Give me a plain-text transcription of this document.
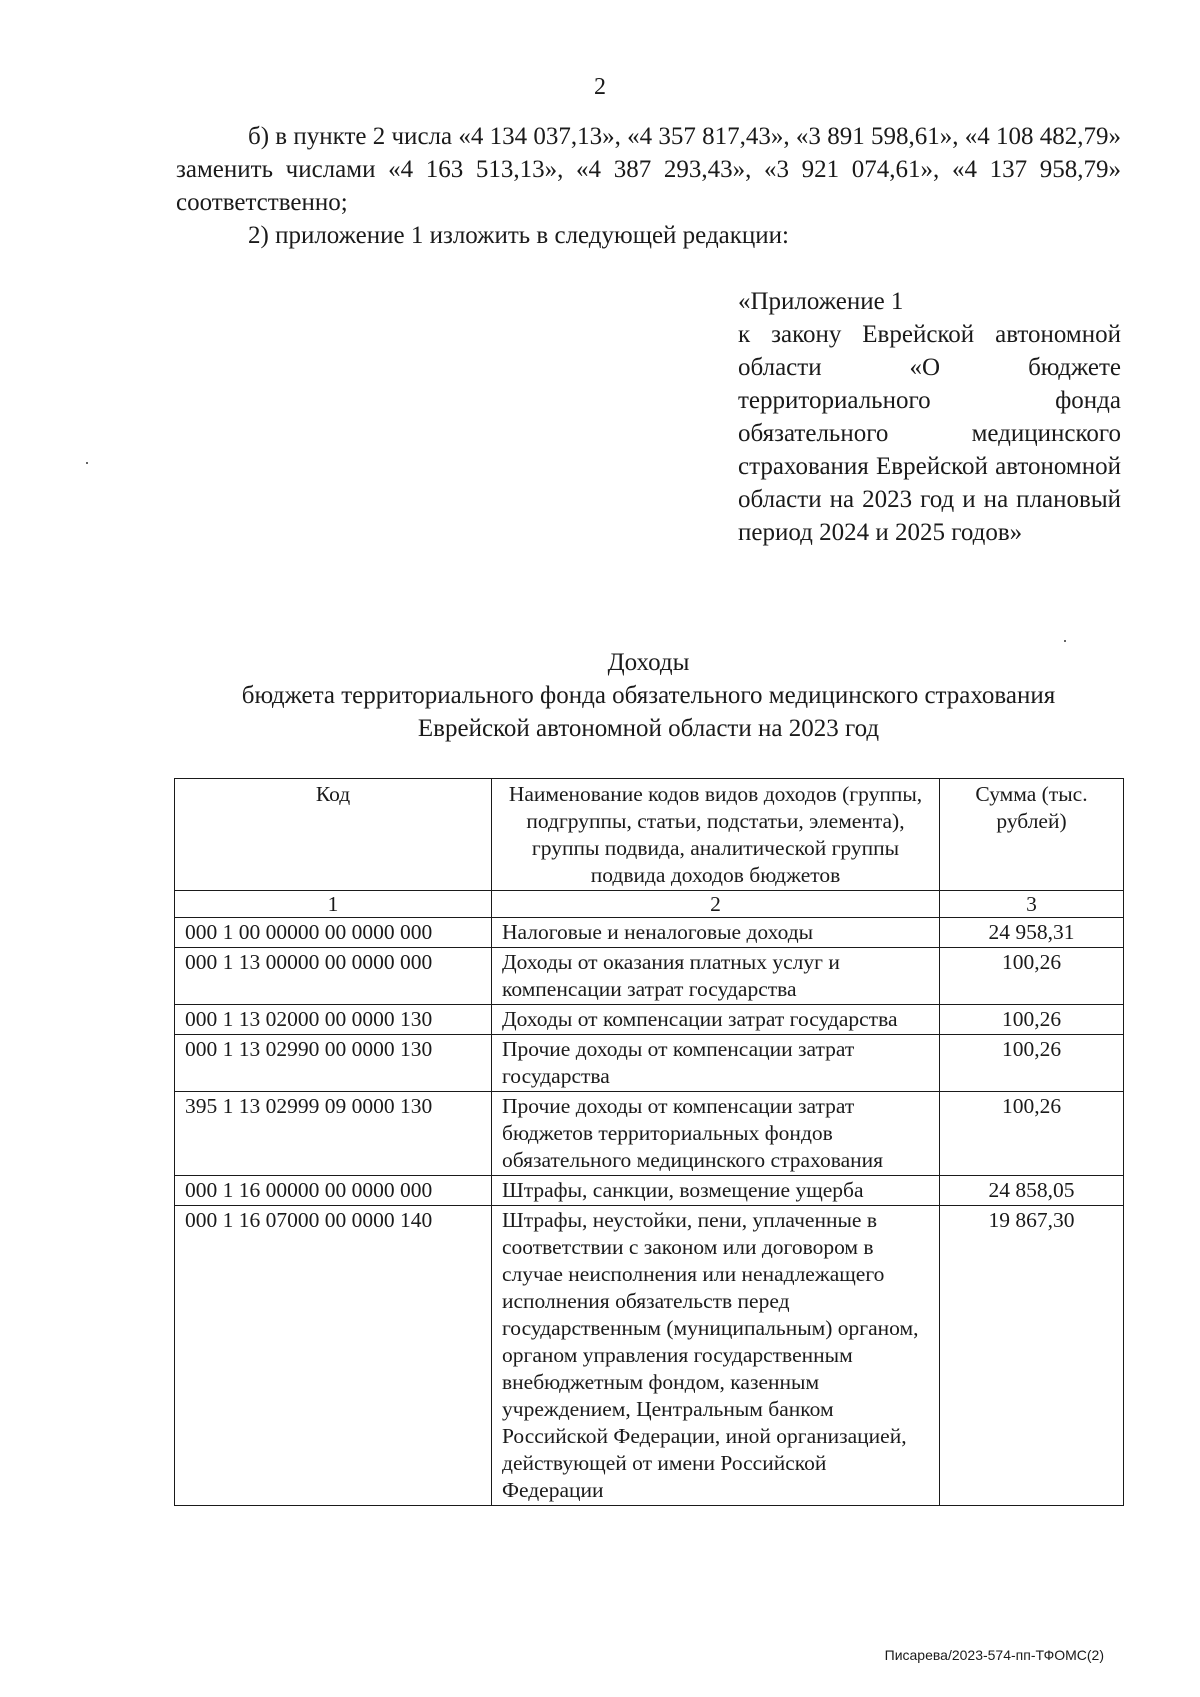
2

б) в пункте 2 числа «4 134 037,13», «4 357 817,43», «3 891 598,61», «4 108 482,79» заменить числами «4 163 513,13», «4 387 293,43», «3 921 074,61», «4 137 958,79» соответственно;

2) приложение 1 изложить в следующей редакции:

«Приложение 1
к закону Еврейской автономной области «О бюджете территориального фонда обязательного медицинского страхования Еврейской автономной области на 2023 год и на плановый период 2024 и 2025 годов»
Доходы
бюджета территориального фонда обязательного медицинского страхования
Еврейской автономной области на 2023 год
Код	Наименование кодов видов доходов (группы, подгруппы, статьи, подстатьи, элемента), группы подвида, аналитической группы подвида доходов бюджетов	Сумма (тыс. рублей)
1	2	3
000 1 00 00000 00 0000 000	Налоговые и неналоговые доходы	24 958,31
000 1 13 00000 00 0000 000	Доходы от оказания платных услуг и компенсации затрат государства	100,26
000 1 13 02000 00 0000 130	Доходы от компенсации затрат государства	100,26
000 1 13 02990 00 0000 130	Прочие доходы от компенсации затрат государства	100,26
395 1 13 02999 09 0000 130	Прочие доходы от компенсации затрат бюджетов территориальных фондов обязательного медицинского страхования	100,26
000 1 16 00000 00 0000 000	Штрафы, санкции, возмещение ущерба	24 858,05
000 1 16 07000 00 0000 140	Штрафы, неустойки, пени, уплаченные в соответствии с законом или договором в случае неисполнения или ненадлежащего исполнения обязательств перед государственным (муниципальным) органом, органом управления государственным внебюджетным фондом, казенным учреждением, Центральным банком Российской Федерации, иной организацией, действующей от имени Российской Федерации	19 867,30
Писарева/2023-574-пп-ТФОМС(2)
